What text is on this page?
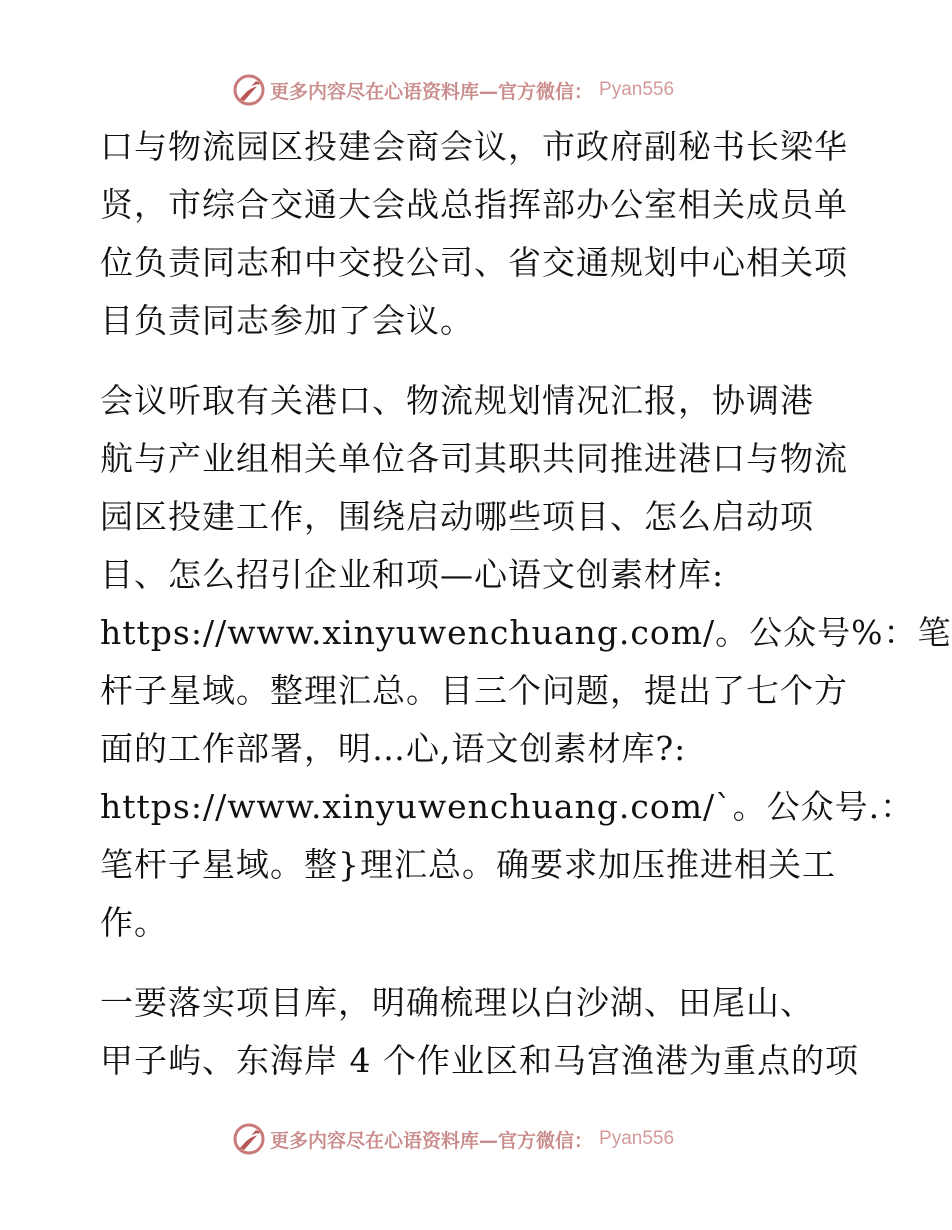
更多内容尽在心语资料库—官方微信： Pyan556

口与物流园区投建会商会议，市政府副秘书长梁华
贤，市综合交通大会战总指挥部办公室相关成员单
位负责同志和中交投公司、省交通规划中心相关项
目负责同志参加了会议。

会议听取有关港口、物流规划情况汇报，协调港
航与产业组相关单位各司其职共同推进港口与物流
园区投建工作，围绕启动哪些项目、怎么启动项
目、怎么招引企业和项—心语文创素材库:
https://www.xinyuwenchuang.com/。公众号%：笔
杆子星域。整理汇总。目三个问题，提出了七个方
面的工作部署，明…心,语文创素材库?:
https://www.xinyuwenchuang.com/`。公众号.：
笔杆子星域。整}理汇总。确要求加压推进相关工
作。

一要落实项目库，明确梳理以白沙湖、田尾山、
甲子屿、东海岸 4 个作业区和马宫渔港为重点的项

更多内容尽在心语资料库—官方微信： Pyan556
